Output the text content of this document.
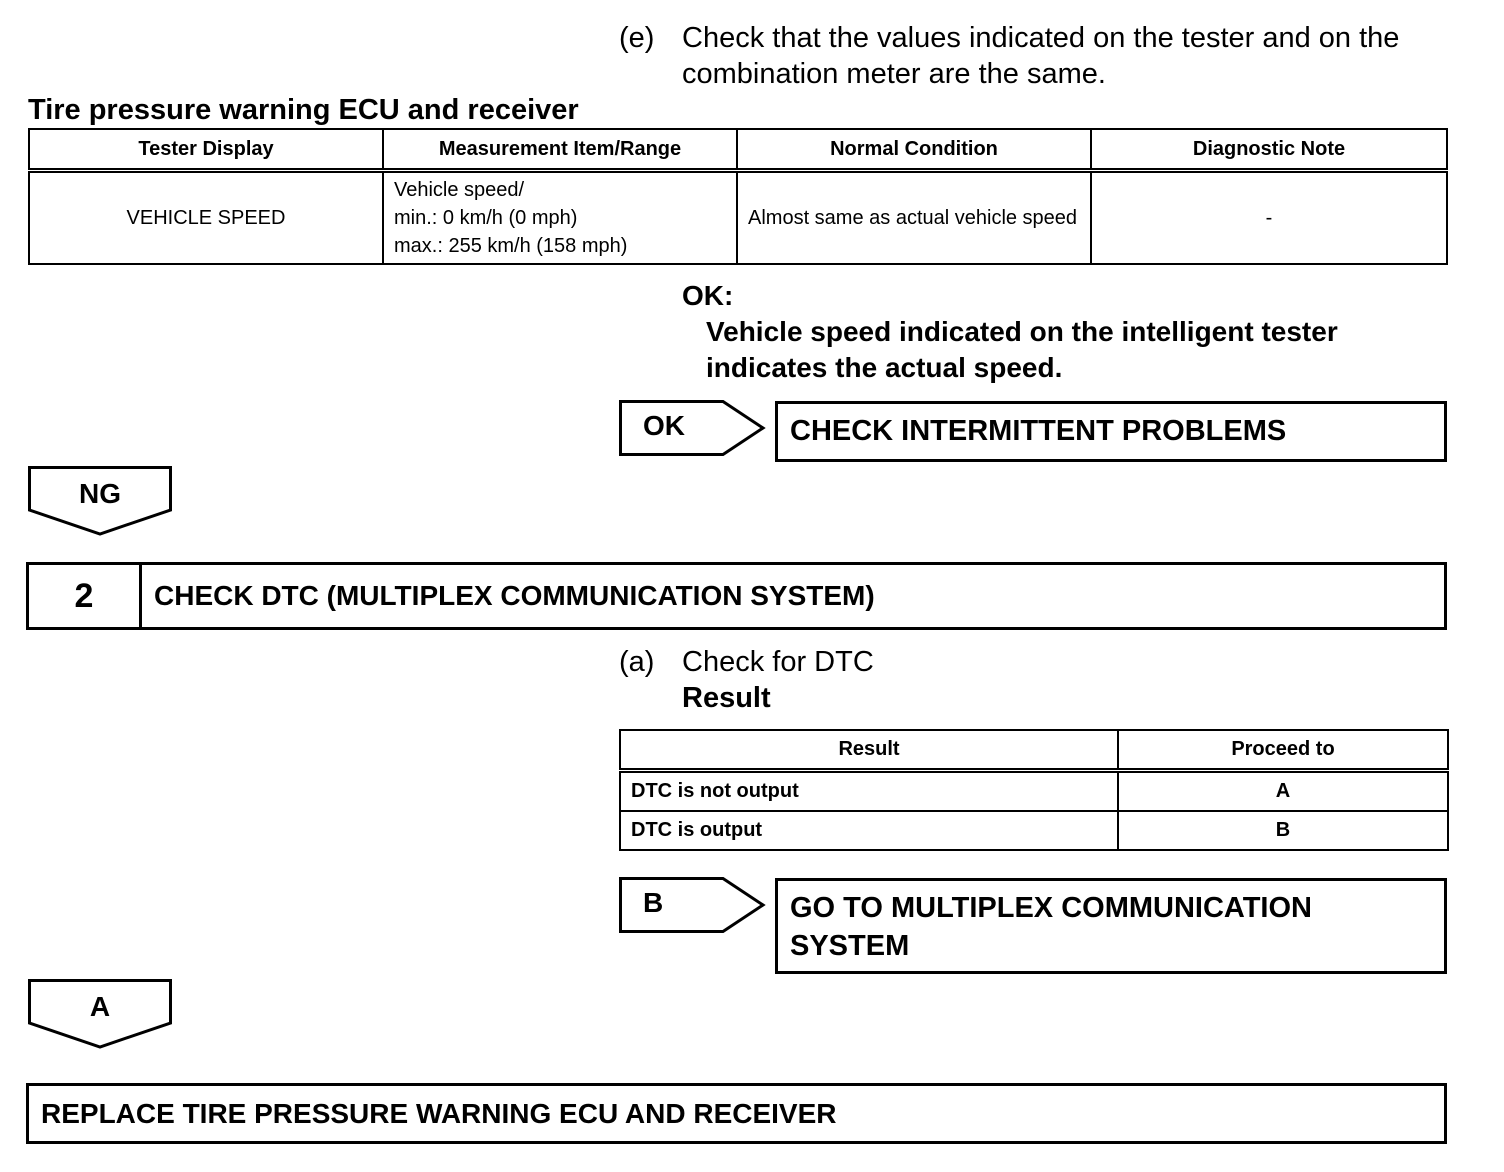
(e) Check that the values indicated on the tester and on the combination meter are the same.
Tire pressure warning ECU and receiver
Tester Display	Measurement Item/Range	Normal Condition	Diagnostic Note
VEHICLE SPEED	Vehicle speed/
min.: 0 km/h (0 mph)
max.: 255 km/h (158 mph)	Almost same as actual vehicle speed	-
OK:
Vehicle speed indicated on the intelligent tester indicates the actual speed.
OK	CHECK INTERMITTENT PROBLEMS
NG
2	CHECK DTC (MULTIPLEX COMMUNICATION SYSTEM)
(a) Check for DTC
Result
Result	Proceed to
DTC is not output	A
DTC is output	B
B	GO TO MULTIPLEX COMMUNICATION
SYSTEM
A
REPLACE TIRE PRESSURE WARNING ECU AND RECEIVER
